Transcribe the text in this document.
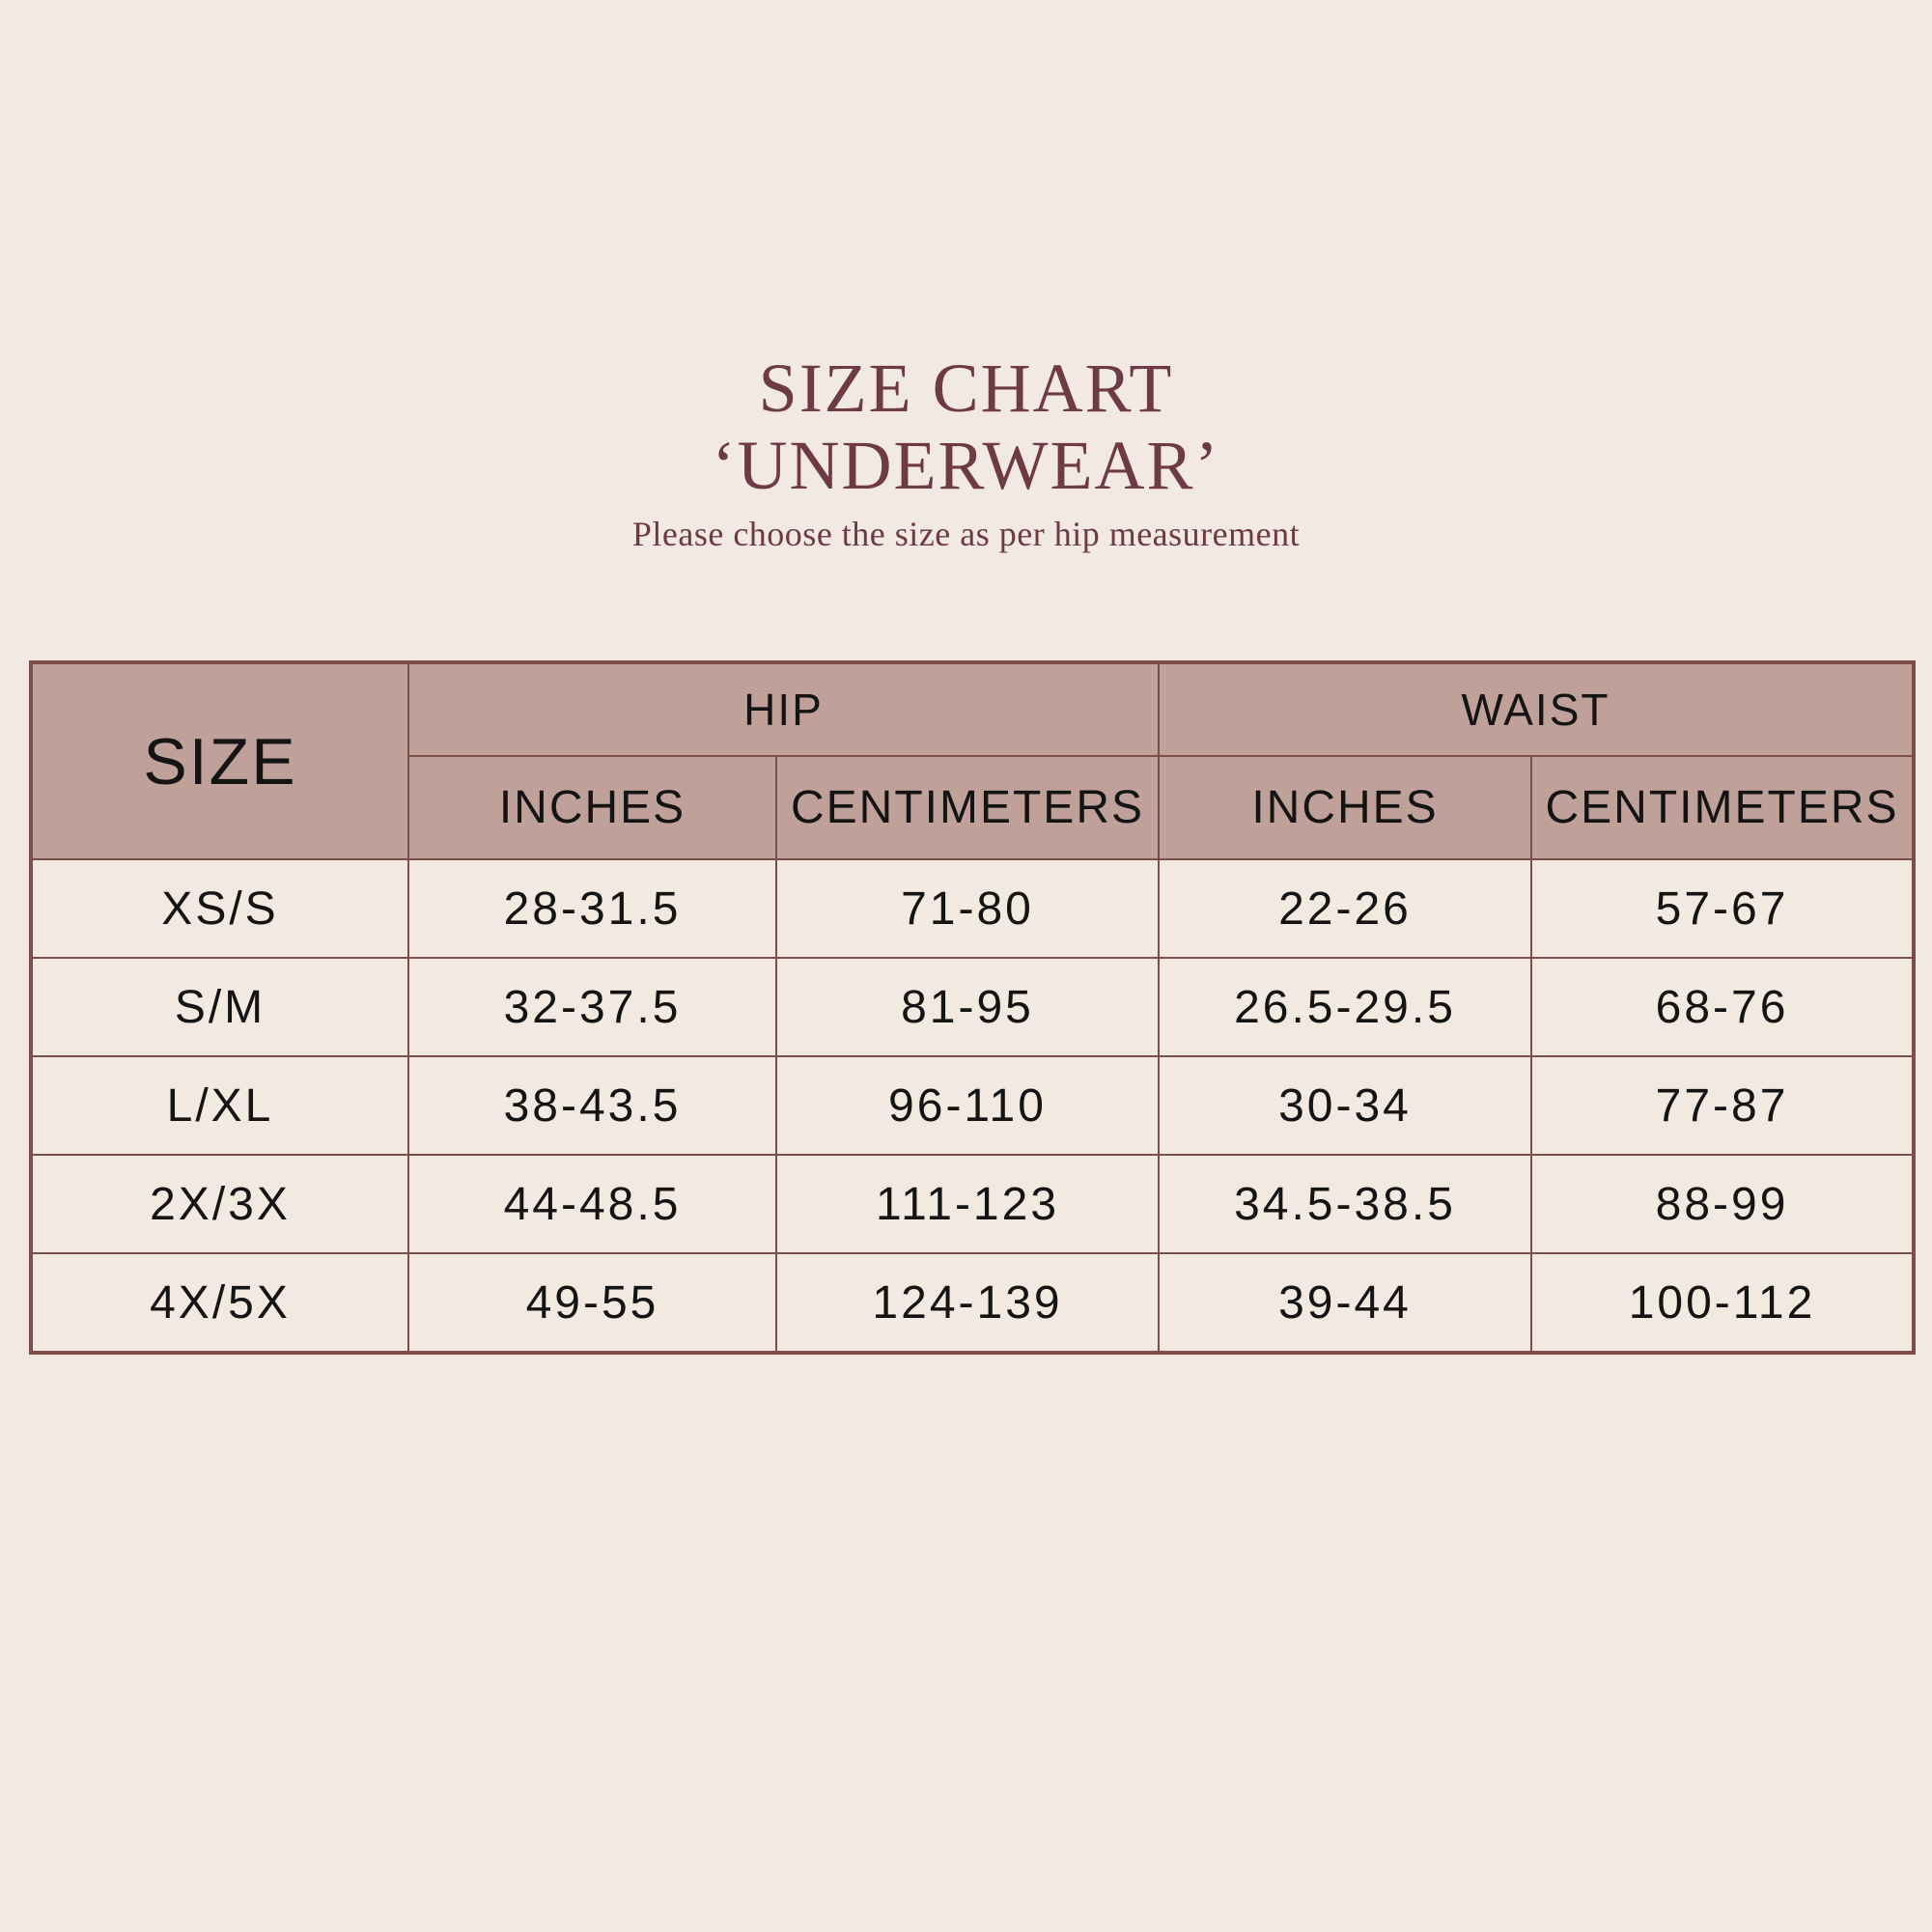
SIZE CHART
‘UNDERWEAR’

Please choose the size as per hip measurement

SIZE	HIP		WAIST	
	INCHES	CENTIMETERS	INCHES	CENTIMETERS
XS/S	28-31.5	71-80	22-26	57-67
S/M	32-37.5	81-95	26.5-29.5	68-76
L/XL	38-43.5	96-110	30-34	77-87
2X/3X	44-48.5	111-123	34.5-38.5	88-99
4X/5X	49-55	124-139	39-44	100-112
